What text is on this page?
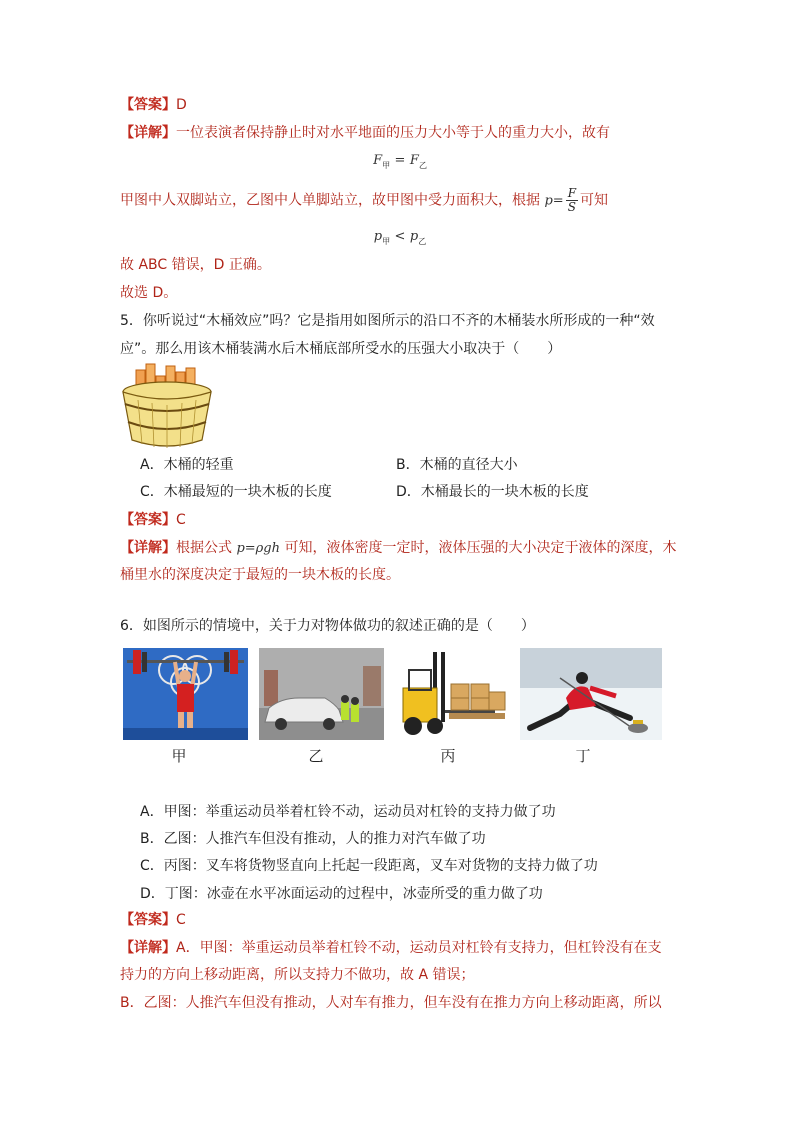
【答案】D
【详解】一位表演者保持静止时对水平地面的压力大小等于人的重力大小，故有
$F_甲 = F_乙$
甲图中人双脚站立，乙图中人单脚站立，故甲图中受力面积大，根据 $p= \frac{F}{S}$ 可知
$p_甲 < p_乙$
故 ABC 错误，D 正确。
故选 D。
5．你听说过“木桶效应”吗？它是指用如图所示的沿口不齐的木桶装水所形成的一种“效
应”。那么用该木桶装满水后木桶底部所受水的压强大小取决于（　　）
A．木桶的轻重	B．木桶的直径大小
C．木桶最短的一块木板的长度	D．木桶最长的一块木板的长度
【答案】C
【详解】根据公式 p=ρgh 可知，液体密度一定时，液体压强的大小决定于液体的深度，木
桶里水的深度决定于最短的一块木板的长度。
6．如图所示的情境中，关于力对物体做功的叙述正确的是（　　）
甲	乙	丙	丁
A．甲图：举重运动员举着杠铃不动，运动员对杠铃的支持力做了功
B．乙图：人推汽车但没有推动，人的推力对汽车做了功
C．丙图：叉车将货物竖直向上托起一段距离，叉车对货物的支持力做了功
D．丁图：冰壶在水平冰面运动的过程中，冰壶所受的重力做了功
【答案】C
【详解】A．甲图：举重运动员举着杠铃不动，运动员对杠铃有支持力，但杠铃没有在支
持力的方向上移动距离，所以支持力不做功，故 A 错误；
B．乙图：人推汽车但没有推动，人对车有推力，但车没有在推力方向上移动距离，所以
